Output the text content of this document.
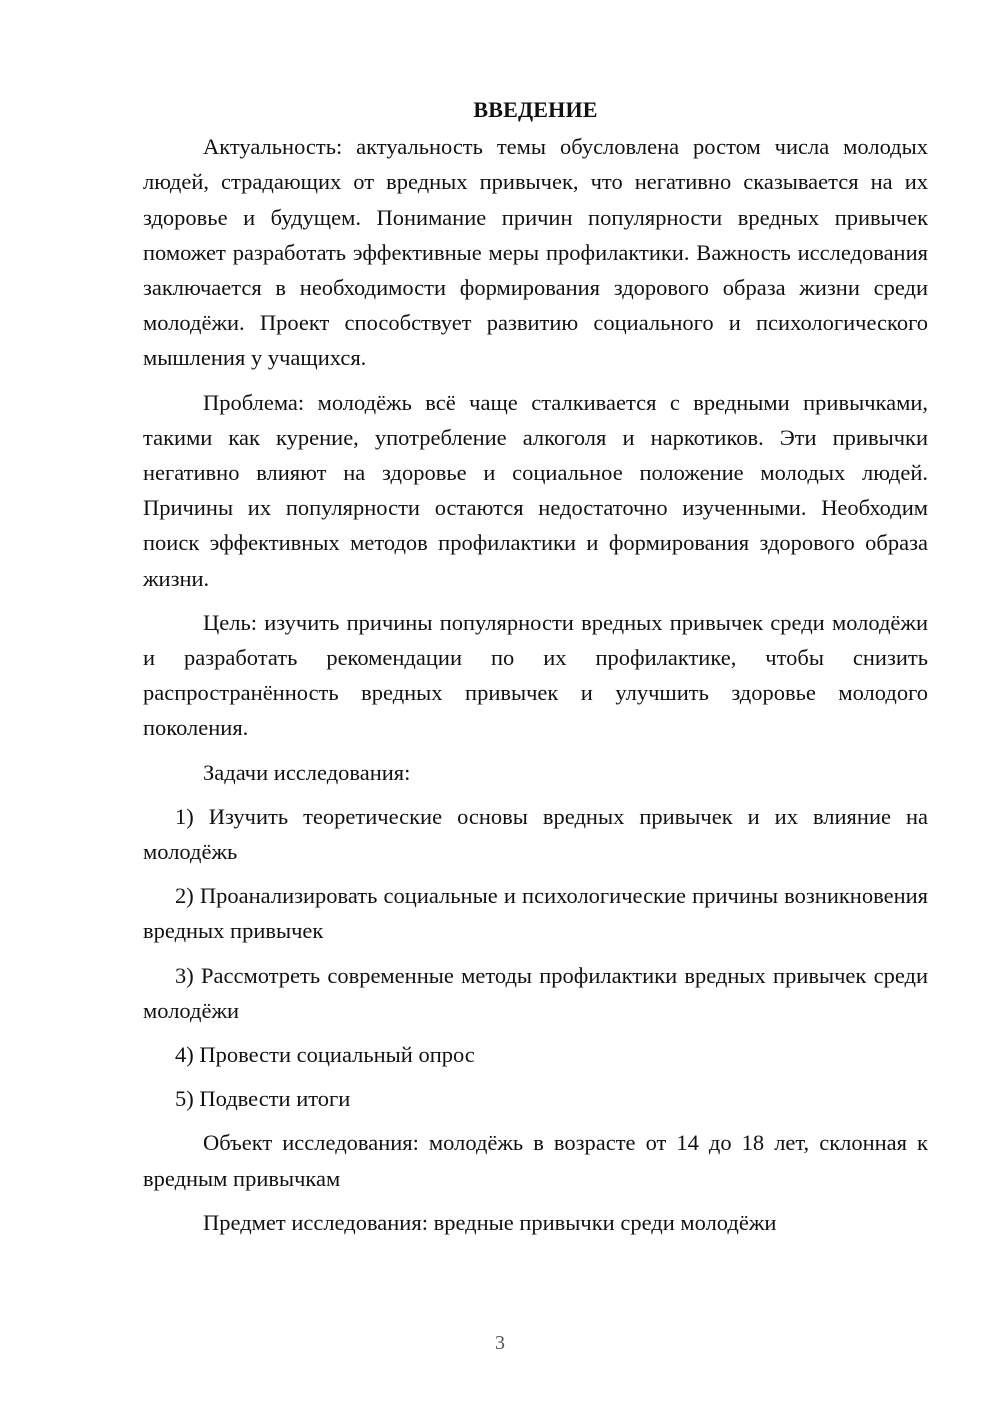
ВВЕДЕНИЕ

Актуальность: актуальность темы обусловлена ростом числа молодых людей, страдающих от вредных привычек, что негативно сказывается на их здоровье и будущем. Понимание причин популярности вредных привычек поможет разработать эффективные меры профилактики. Важность исследования заключается в необходимости формирования здорового образа жизни среди молодёжи. Проект способствует развитию социального и психологического мышления у учащихся.

Проблема: молодёжь всё чаще сталкивается с вредными привычками, такими как курение, употребление алкоголя и наркотиков. Эти привычки негативно влияют на здоровье и социальное положение молодых людей. Причины их популярности остаются недостаточно изученными. Необходим поиск эффективных методов профилактики и формирования здорового образа жизни.

Цель: изучить причины популярности вредных привычек среди молодёжи и разработать рекомендации по их профилактике, чтобы снизить распространённость вредных привычек и улучшить здоровье молодого поколения.

Задачи исследования:

1) Изучить теоретические основы вредных привычек и их влияние на молодёжь

2) Проанализировать социальные и психологические причины возникновения вредных привычек

3) Рассмотреть современные методы профилактики вредных привычек среди молодёжи

4) Провести социальный опрос

5) Подвести итоги

Объект исследования: молодёжь в возрасте от 14 до 18 лет, склонная к вредным привычкам

Предмет исследования: вредные привычки среди молодёжи

3
